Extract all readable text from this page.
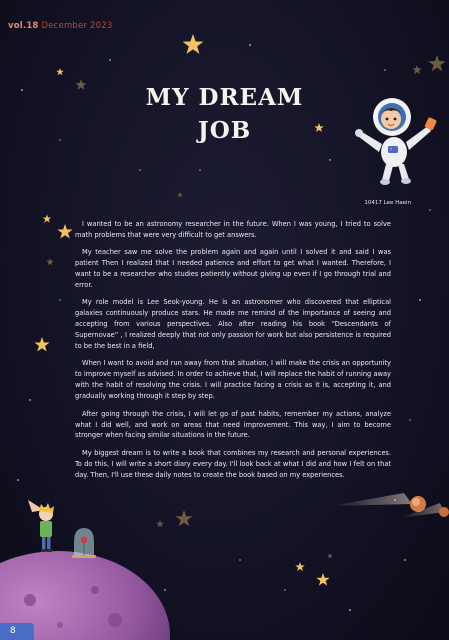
vol.18 December 2023
MY DREAM
JOB
10417 Lee Haein

I wanted to be an astronomy researcher in the future. When I was young, I tried to solve math problems that were very difficult to get answers.

My teacher saw me solve the problem again and again until I solved it and said I was patient Then I realized that I needed patience and effort to get what I wanted. Therefore, I want to be a researcher who studies patiently without giving up even if I go through trial and error.

My role model is Lee Seok-young. He is an astronomer who discovered that elliptical galaxies continuously produce stars. He made me remind of the importance of seeing and accepting from various perspectives. Also after reading his book “Descendants of Supernovae” , I realized deeply that not only passion for work but also persistence is required to be the best in a field,

When I want to avoid and run away from that situation, I will make the crisis an opportunity to improve myself as advised. In order to achieve that, I will replace the habit of running away with the habit of resolving the crisis. I will practice facing a crisis as it is, accepting it, and gradually working through it step by step.

After going through the crisis, I will let go of past habits, remember my actions, analyze what I did well, and work on areas that need improvement. This way, I aim to become stronger when facing similar situations in the future.

My biggest dream is to write a book that combines my research and personal experiences. To do this, I will write a short diary every day. I'll look back at what I did and how I felt on that day. Then, I'll use these daily notes to create the book based on my experiences.

8
